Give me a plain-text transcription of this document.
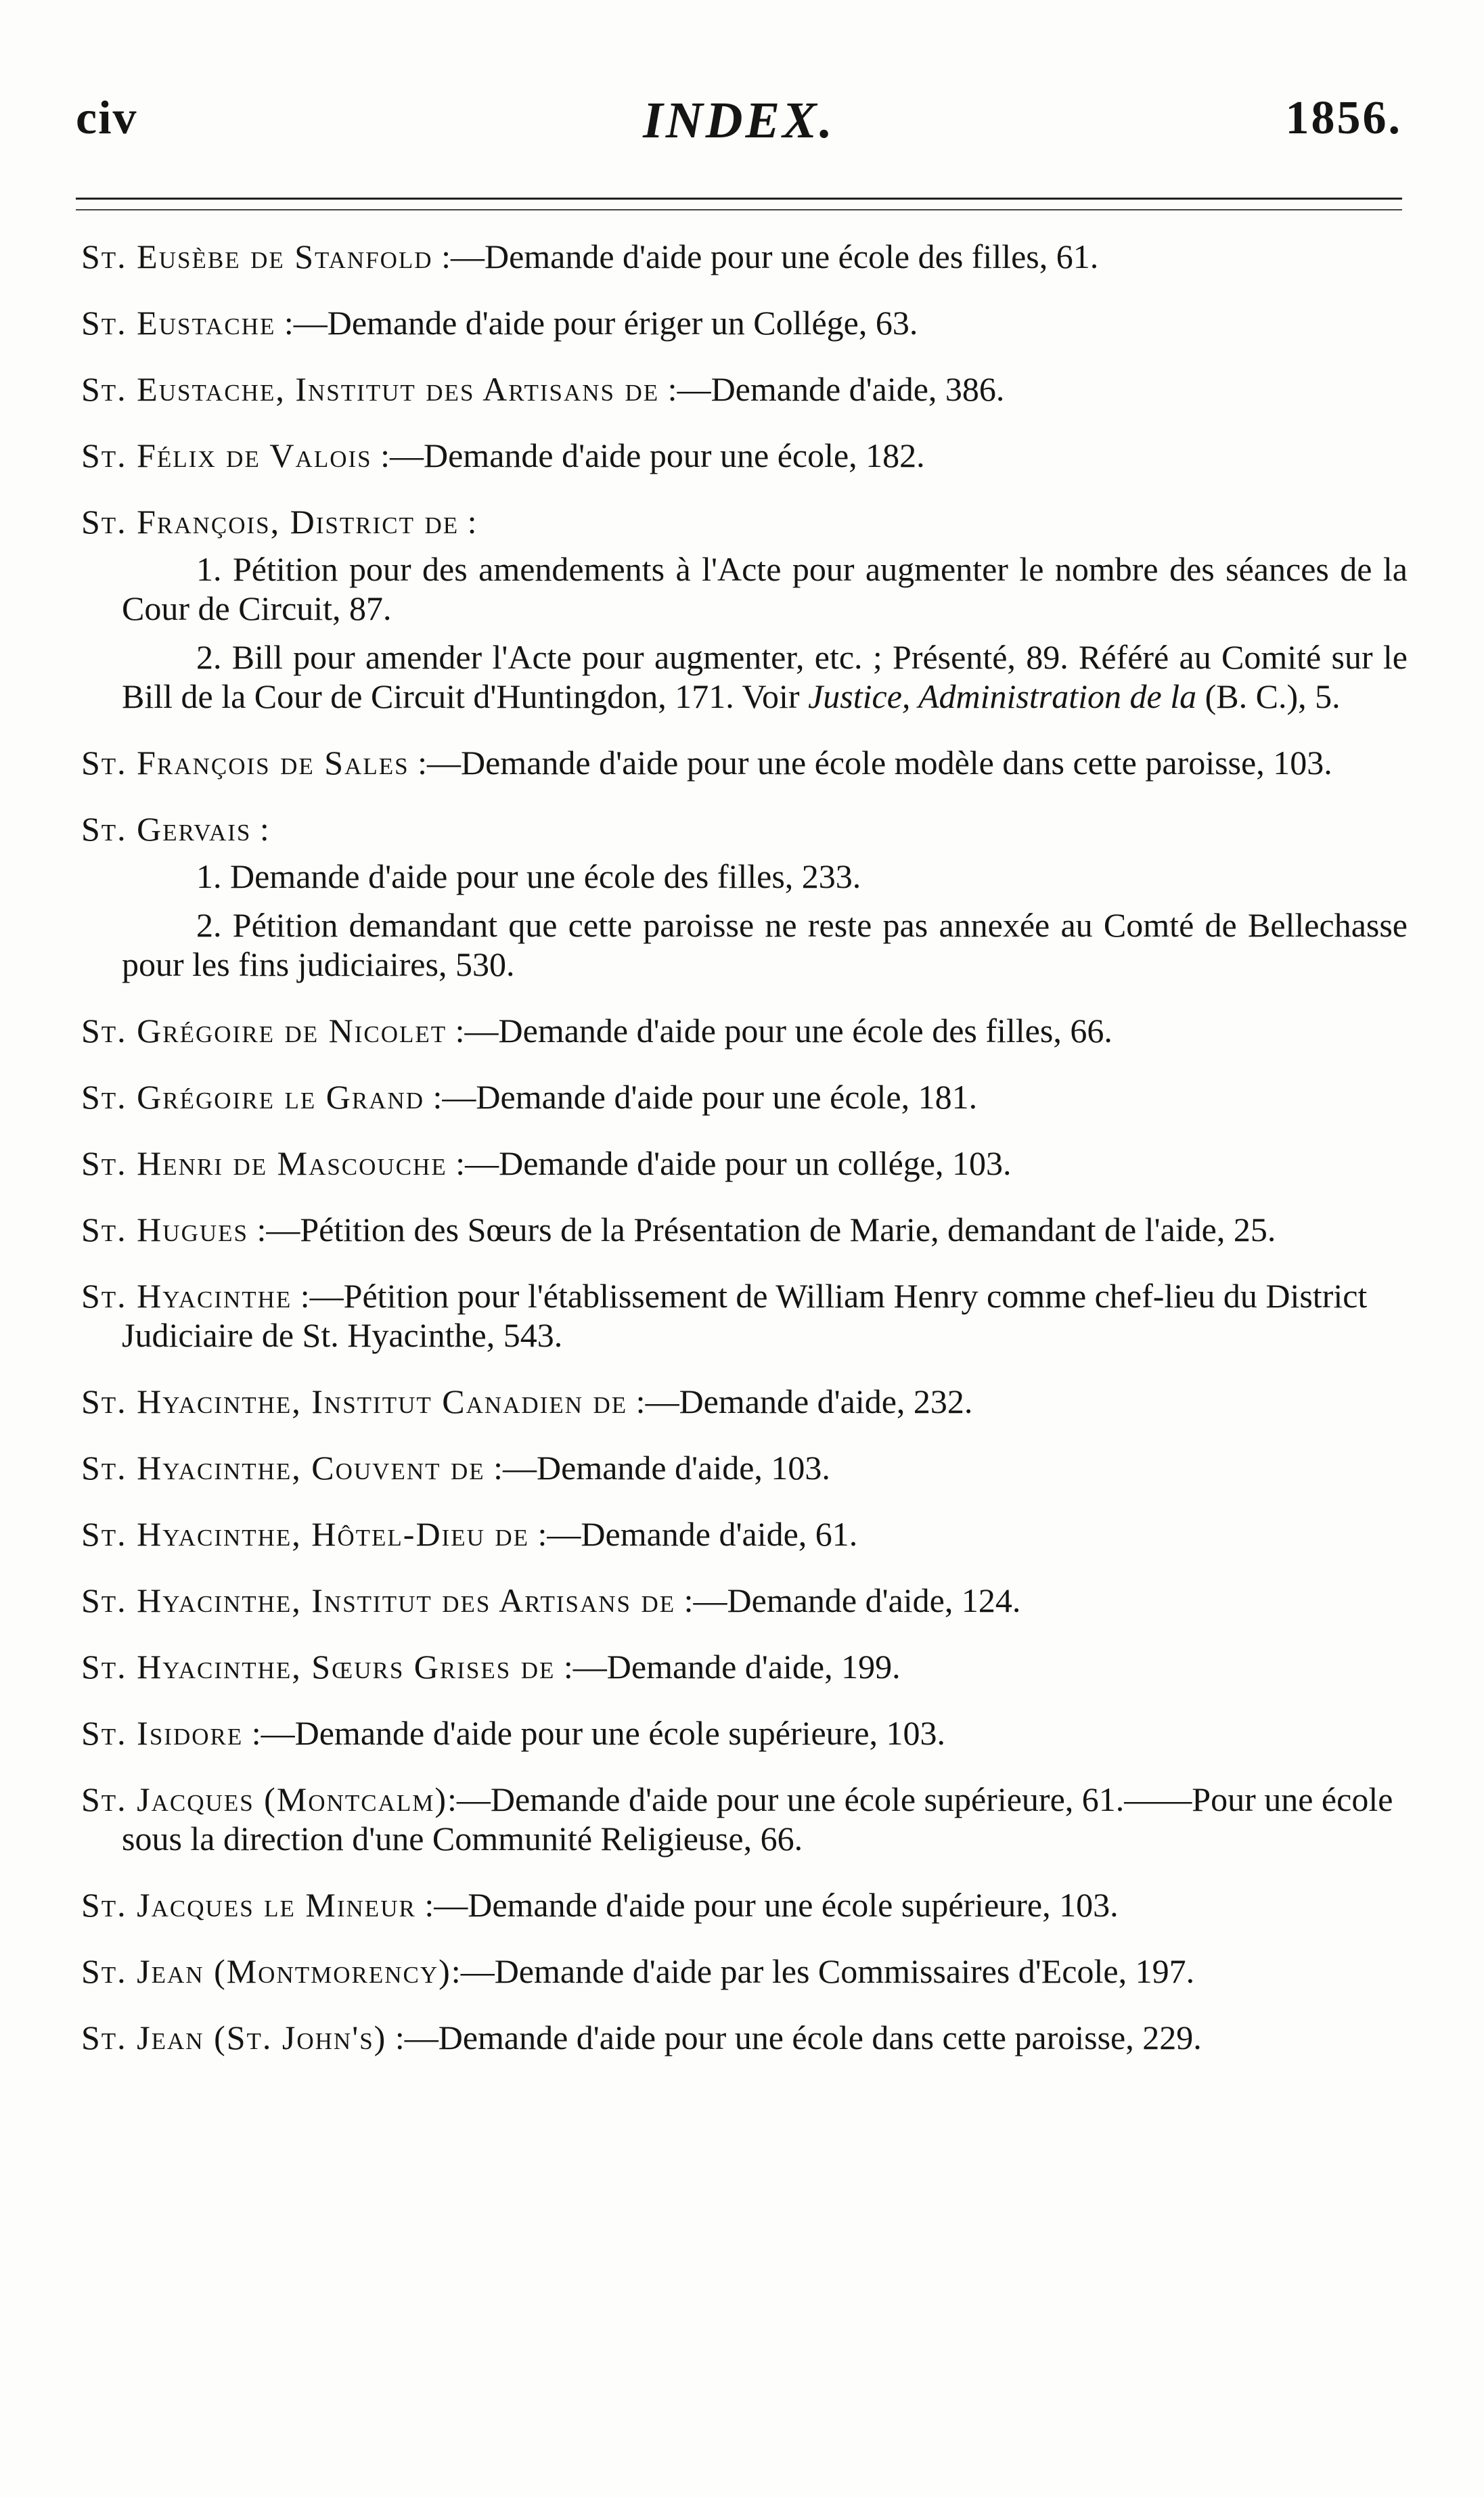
civ	INDEX.	1856.
St. Eusèbe de Stanfold :—Demande d'aide pour une école des filles, 61.
St. Eustache :—Demande d'aide pour ériger un Collége, 63.
St. Eustache, Institut des Artisans de :—Demande d'aide, 386.
St. Félix de Valois :—Demande d'aide pour une école, 182.
St. François, District de :
1. Pétition pour des amendements à l'Acte pour augmenter le nombre des séances de la Cour de Circuit, 87.
2. Bill pour amender l'Acte pour augmenter, etc. ; Présenté, 89. Référé au Comité sur le Bill de la Cour de Circuit d'Huntingdon, 171. Voir Justice, Administration de la (B. C.), 5.
St. François de Sales :—Demande d'aide pour une école modèle dans cette paroisse, 103.
St. Gervais :
1. Demande d'aide pour une école des filles, 233.
2. Pétition demandant que cette paroisse ne reste pas annexée au Comté de Bellechasse pour les fins judiciaires, 530.
St. Grégoire de Nicolet :—Demande d'aide pour une école des filles, 66.
St. Grégoire le Grand :—Demande d'aide pour une école, 181.
St. Henri de Mascouche :—Demande d'aide pour un collége, 103.
St. Hugues :—Pétition des Sœurs de la Présentation de Marie, demandant de l'aide, 25.
St. Hyacinthe :—Pétition pour l'établissement de William Henry comme chef-lieu du District Judiciaire de St. Hyacinthe, 543.
St. Hyacinthe, Institut Canadien de :—Demande d'aide, 232.
St. Hyacinthe, Couvent de :—Demande d'aide, 103.
St. Hyacinthe, Hôtel-Dieu de :—Demande d'aide, 61.
St. Hyacinthe, Institut des Artisans de :—Demande d'aide, 124.
St. Hyacinthe, Sœurs Grises de :—Demande d'aide, 199.
St. Isidore :—Demande d'aide pour une école supérieure, 103.
St. Jacques (Montcalm):—Demande d'aide pour une école supérieure, 61.——Pour une école sous la direction d'une Communité Religieuse, 66.
St. Jacques le Mineur :—Demande d'aide pour une école supérieure, 103.
St. Jean (Montmorency):—Demande d'aide par les Commissaires d'Ecole, 197.
St. Jean (St. John's) :—Demande d'aide pour une école dans cette paroisse, 229.
